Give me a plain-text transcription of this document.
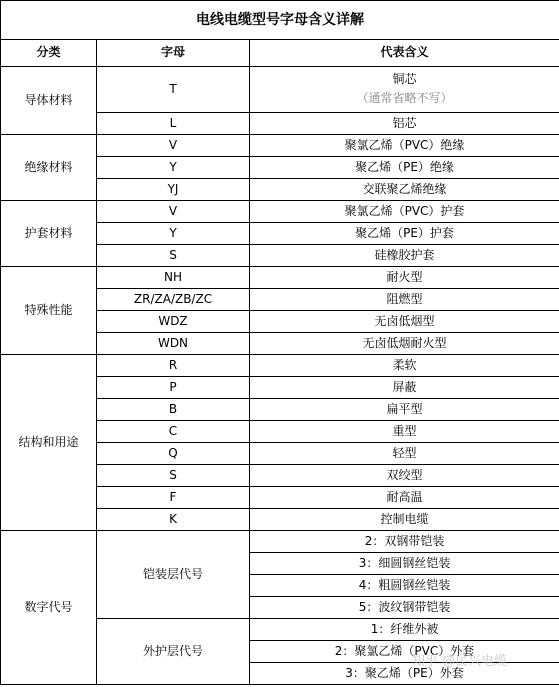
电线电缆型号字母含义详解		
分类	字母	代表含义
导体材料	T	铜芯
（通常省略不写）

	L	铝芯
绝缘材料	V	聚氯乙烯（PVC）绝缘
	Y	聚乙烯（PE）绝缘
	YJ	交联聚乙烯绝缘
护套材料	V	聚氯乙烯（PVC）护套
	Y	聚乙烯（PE）护套
	S	硅橡胶护套
特殊性能	NH	耐火型
	ZR/ZA/ZB/ZC	阻燃型
	WDZ	无卤低烟型
	WDN	无卤低烟耐火型
结构和用途	R	柔软
	P	屏蔽
	B	扁平型
	C	重型
	Q	轻型
	S	双绞型
	F	耐高温
	K	控制电缆
数字代号	铠装层代号	2：双钢带铠装
		3：细圆钢丝铠装
		4：粗圆钢丝铠装
		5：波纹钢带铠装
	外护层代号	1：纤维外被
		2：聚氯乙烯（PVC）外套
		3：聚乙烯（PE）外套
知乎 @民兴电缆
